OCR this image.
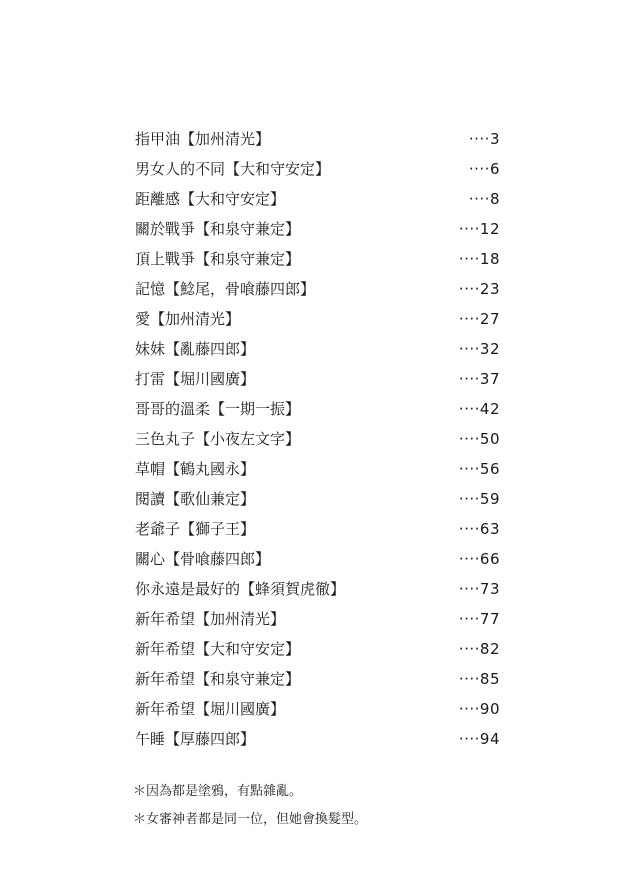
指甲油【加州清光】	····3
男女人的不同【大和守安定】	····6
距離感【大和守安定】	····8
關於戰爭【和泉守兼定】	····12
頂上戰爭【和泉守兼定】	····18
記憶【鯰尾，骨喰藤四郎】	····23
愛【加州清光】	····27
妹妹【亂藤四郎】	····32
打雷【堀川國廣】	····37
哥哥的溫柔【一期一振】	····42
三色丸子【小夜左文字】	····50
草帽【鶴丸國永】	····56
閱讀【歌仙兼定】	····59
老爺子【獅子王】	····63
關心【骨喰藤四郎】	····66
你永遠是最好的【蜂須賀虎徹】	····73
新年希望【加州清光】	····77
新年希望【大和守安定】	····82
新年希望【和泉守兼定】	····85
新年希望【堀川國廣】	····90
午睡【厚藤四郎】	····94
＊因為都是塗鴉，有點雜亂。
＊女審神者都是同一位，但她會換髮型。
